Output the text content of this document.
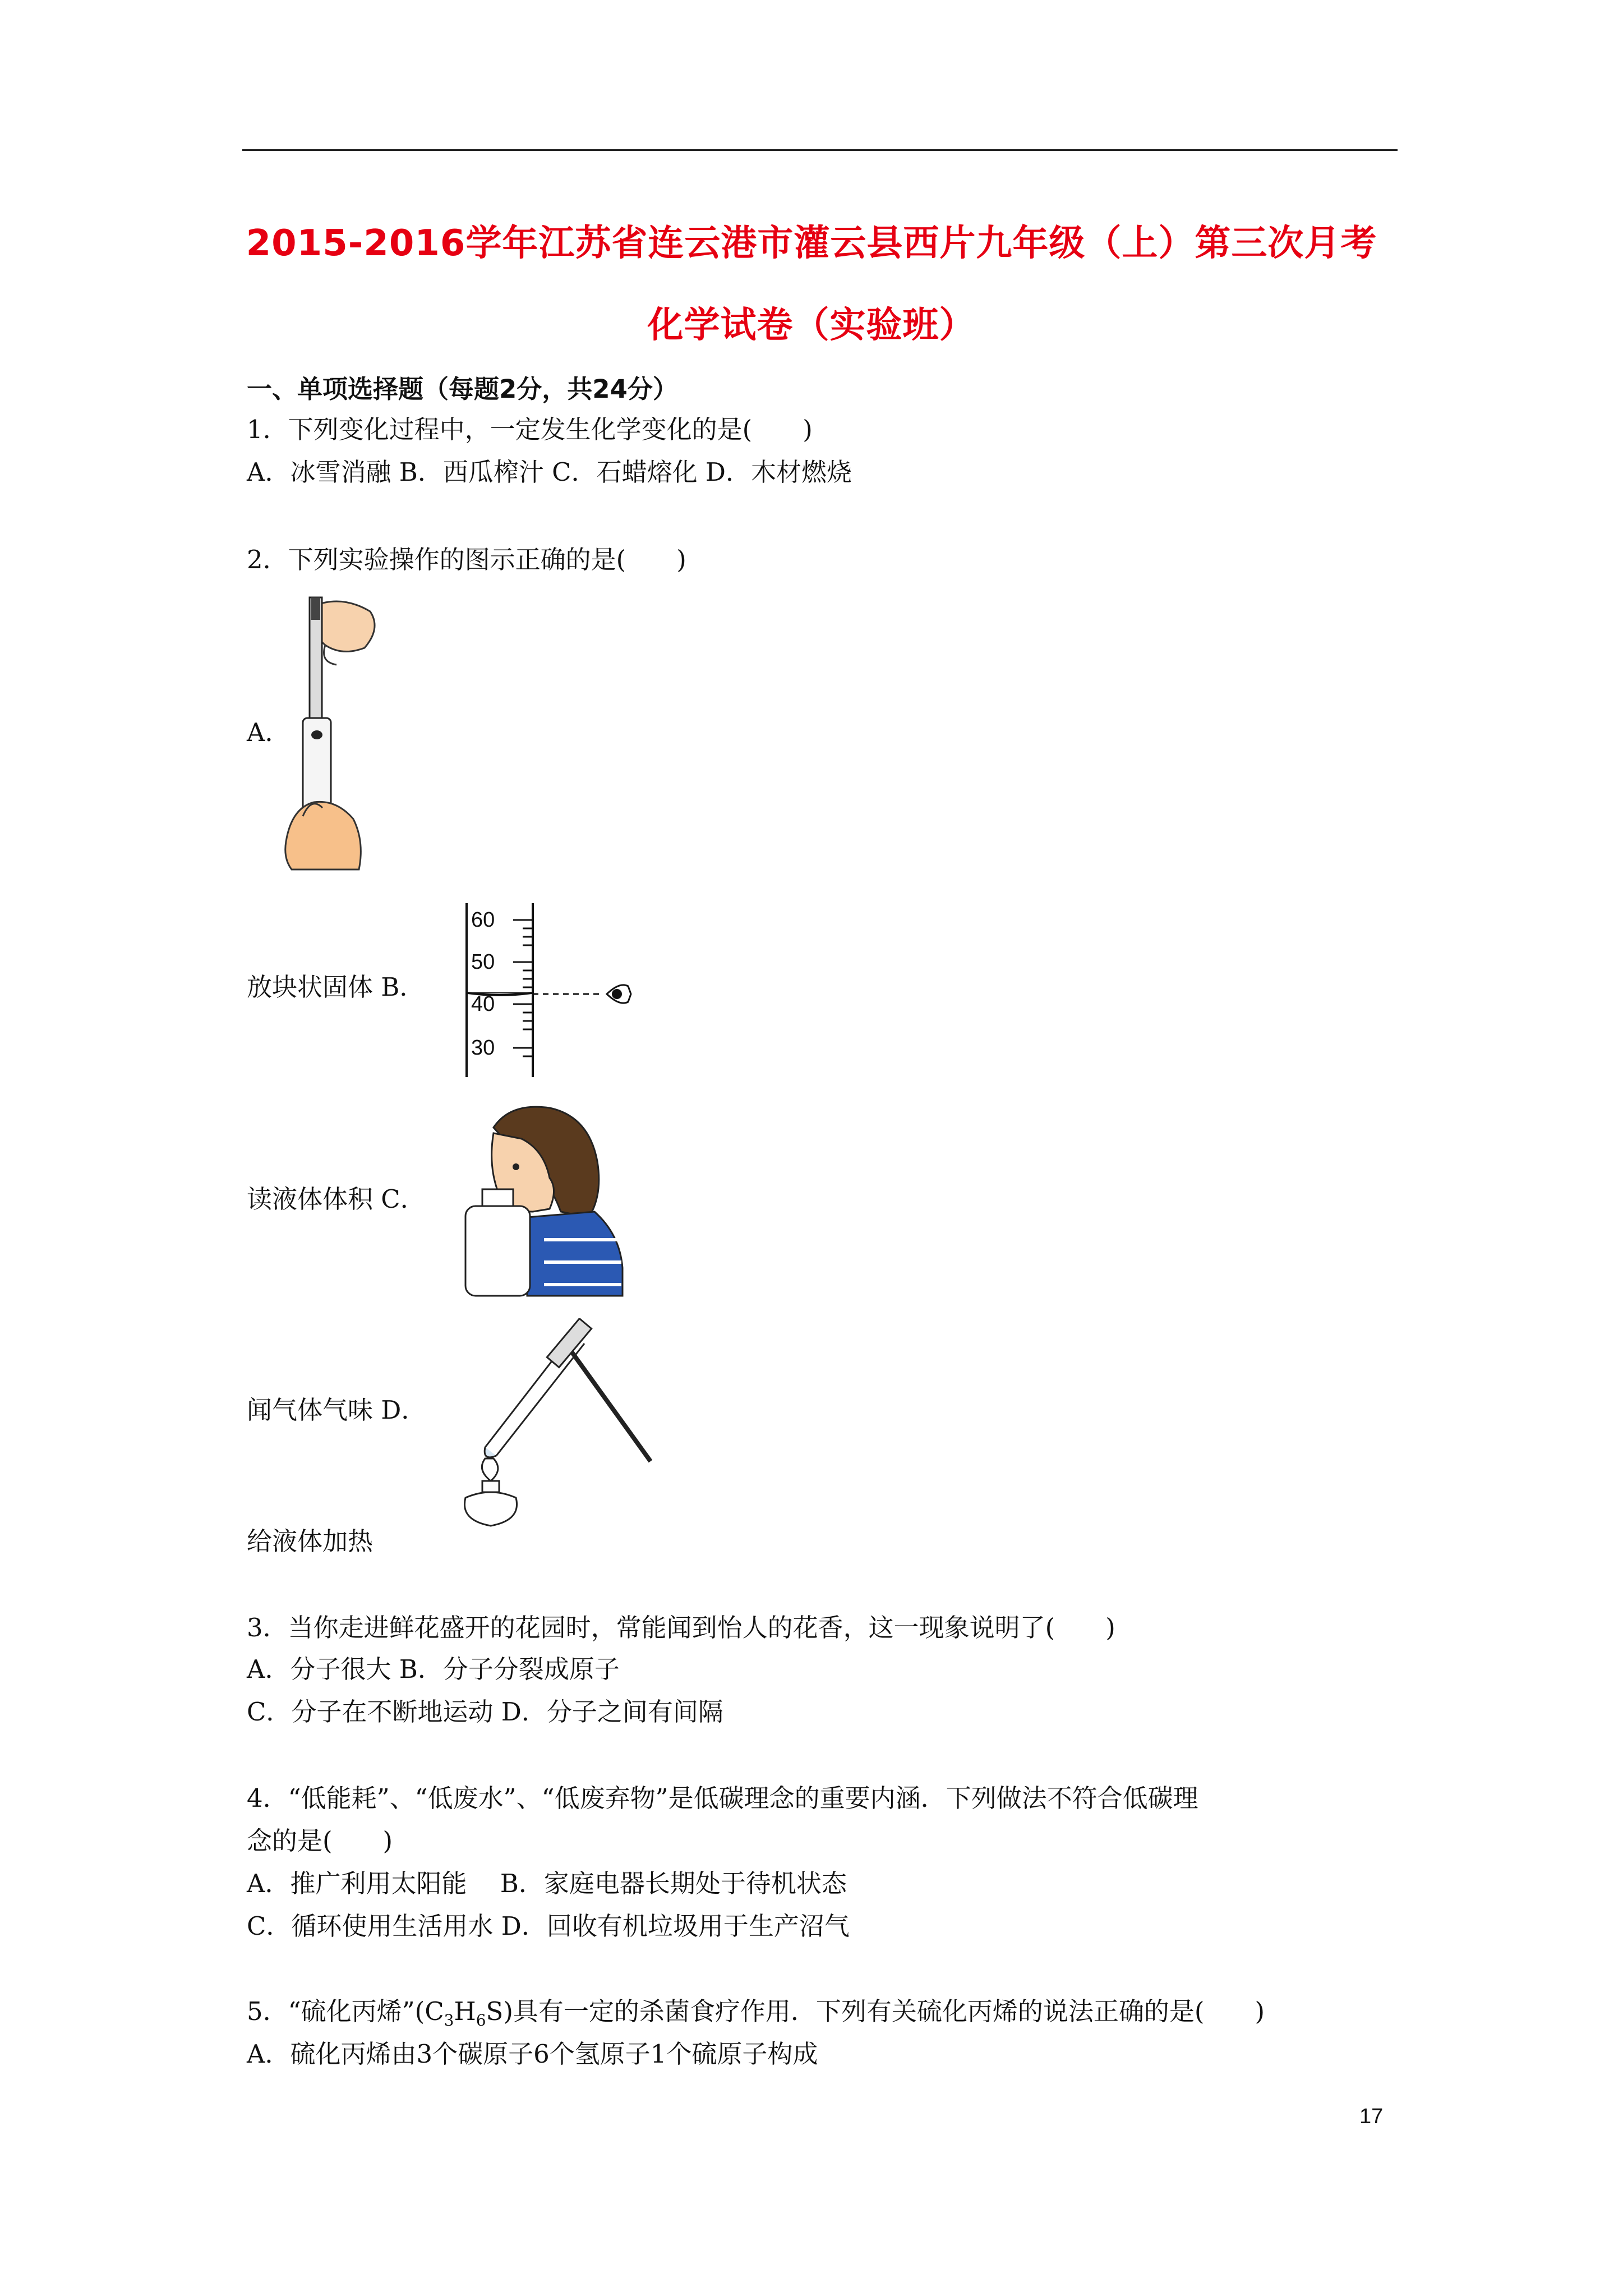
2015-2016学年江苏省连云港市灌云县西片九年级（上）第三次月考
化学试卷（实验班）
一、单项选择题（每题2分，共24分）
1．下列变化过程中，一定发生化学变化的是(　　)
A．冰雪消融 B．西瓜榨汁 C．石蜡熔化 D．木材燃烧
2．下列实验操作的图示正确的是(　　)
A．
60
50
40
30
放块状固体 B．
读液体体积 C．
闻气体气味 D．
给液体加热
3．当你走进鲜花盛开的花园时，常能闻到怡人的花香，这一现象说明了(　　)
A．分子很大 B．分子分裂成原子
C．分子在不断地运动 D．分子之间有间隔
4．“低能耗”、“低废水”、“低废弃物”是低碳理念的重要内涵．下列做法不符合低碳理
念的是(　　)
A．推广利用太阳能　 B．家庭电器长期处于待机状态
C．循环使用生活用水 D．回收有机垃圾用于生产沼气
5．“硫化丙烯$”(C_3H_6S)$具有一定的杀菌食疗作用．下列有关硫化丙烯的说法正确的是(　　)
A．硫化丙烯由3个碳原子6个氢原子1个硫原子构成
17
